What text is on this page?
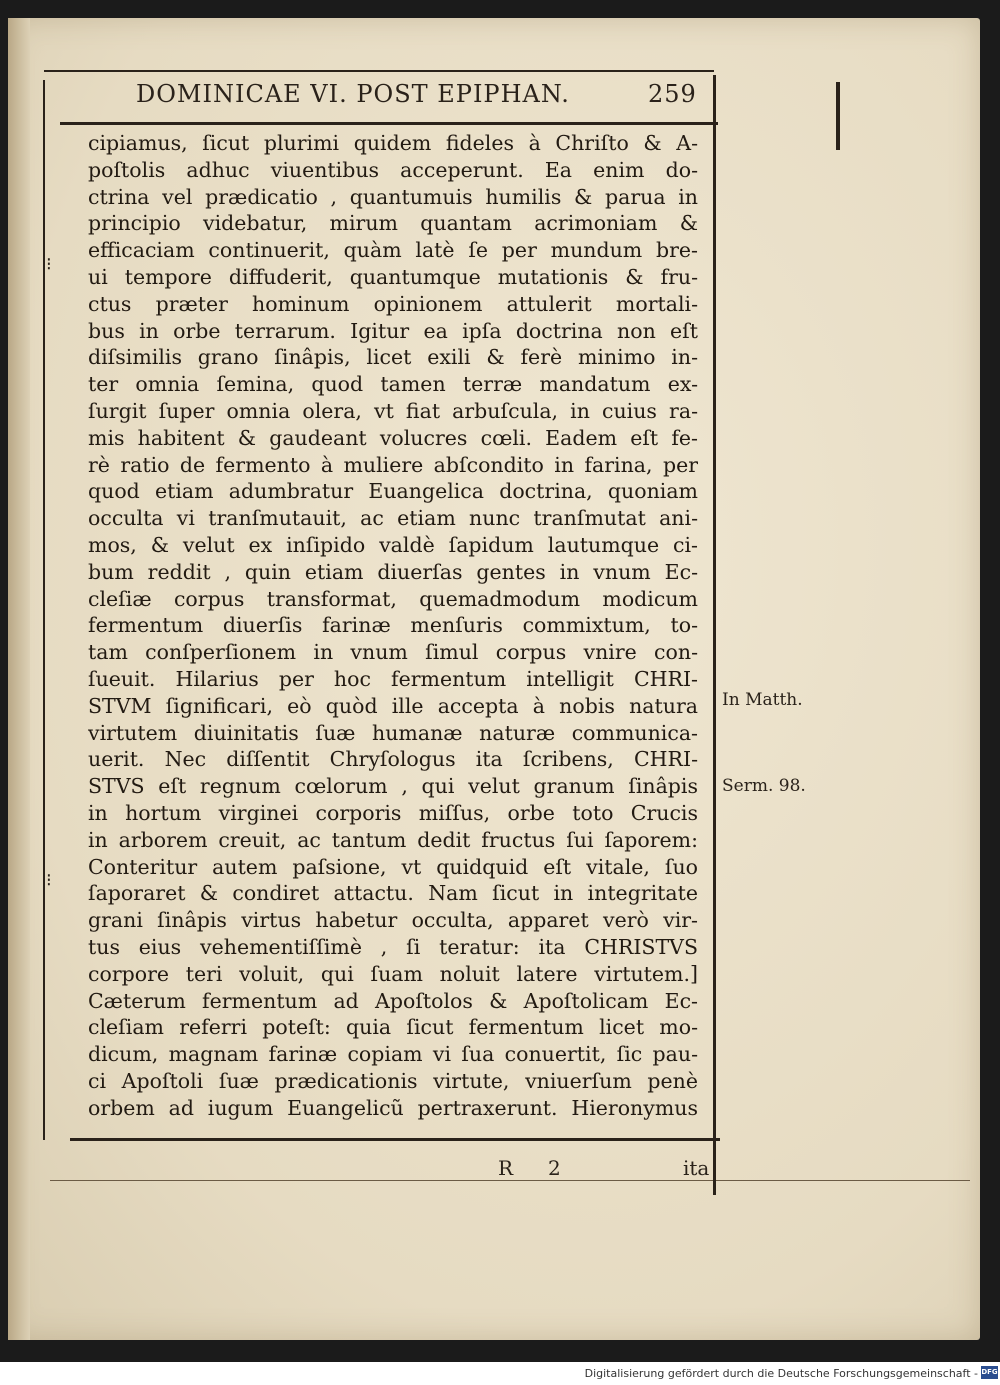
⁝
⁝
DOMINICAE VI. POST EPIPHAN.	259
cipiamus, ſicut plurimi quidem fideles à Chriſto & A-
poſtolis adhuc viuentibus acceperunt. Ea enim do-
ctrina vel prædicatio , quantumuis humilis & parua in
principio videbatur, mirum quantam acrimoniam &
efficaciam continuerit, quàm latè ſe per mundum bre-
ui tempore diffuderit, quantumque mutationis & fru-
ctus præter hominum opinionem attulerit mortali-
bus in orbe terrarum. Igitur ea ipſa doctrina non eſt
diſsimilis grano ſinâpis, licet exili & ferè minimo in-
ter omnia ſemina, quod tamen terræ mandatum ex-
ſurgit ſuper omnia olera, vt fiat arbuſcula, in cuius ra-
mis habitent & gaudeant volucres cœli. Eadem eſt fe-
rè ratio de fermento à muliere abſcondito in farina, per
quod etiam adumbratur Euangelica doctrina, quoniam
occulta vi tranſmutauit, ac etiam nunc tranſmutat ani-
mos, & velut ex inſipido valdè ſapidum lautumque ci-
bum reddit , quin etiam diuerſas gentes in vnum Ec-
cleſiæ corpus transformat, quemadmodum modicum
fermentum diuerſis farinæ menſuris commixtum, to-
tam conſperſionem in vnum ſimul corpus vnire con-
ſueuit. Hilarius per hoc fermentum intelligit CHRI-
STVM ſignificari, eò quòd ille accepta à nobis natura
virtutem diuinitatis ſuæ humanæ naturæ communica-
uerit. Nec diſſentit Chryſologus ita ſcribens, CHRI-
STVS eſt regnum cœlorum , qui velut granum ſinâpis
in hortum virginei corporis miſſus, orbe toto Crucis
in arborem creuit, ac tantum dedit fructus ſui ſaporem:
Conteritur autem paſsione, vt quidquid eſt vitale, ſuo
ſaporaret & condiret attactu. Nam ſicut in integritate
grani ſinâpis virtus habetur occulta, apparet verò vir-
tus eius vehementiſſimè , ſi teratur: ita CHRISTVS
corpore teri voluit, qui ſuam noluit latere virtutem.]
Cæterum fermentum ad Apoſtolos & Apoſtolicam Ec-
cleſiam referri poteſt: quia ſicut fermentum licet mo-
dicum, magnam farinæ copiam vi ſua conuertit, ſic pau-
ci Apoſtoli ſuæ prædicationis virtute, vniuerſum penè
orbem ad iugum Euangelicũ pertraxerunt. Hieronymus
In Matth.
Serm. 98.
R 2	ita
Digitalisierung gefördert durch die Deutsche Forschungsgemeinschaft - DFG
